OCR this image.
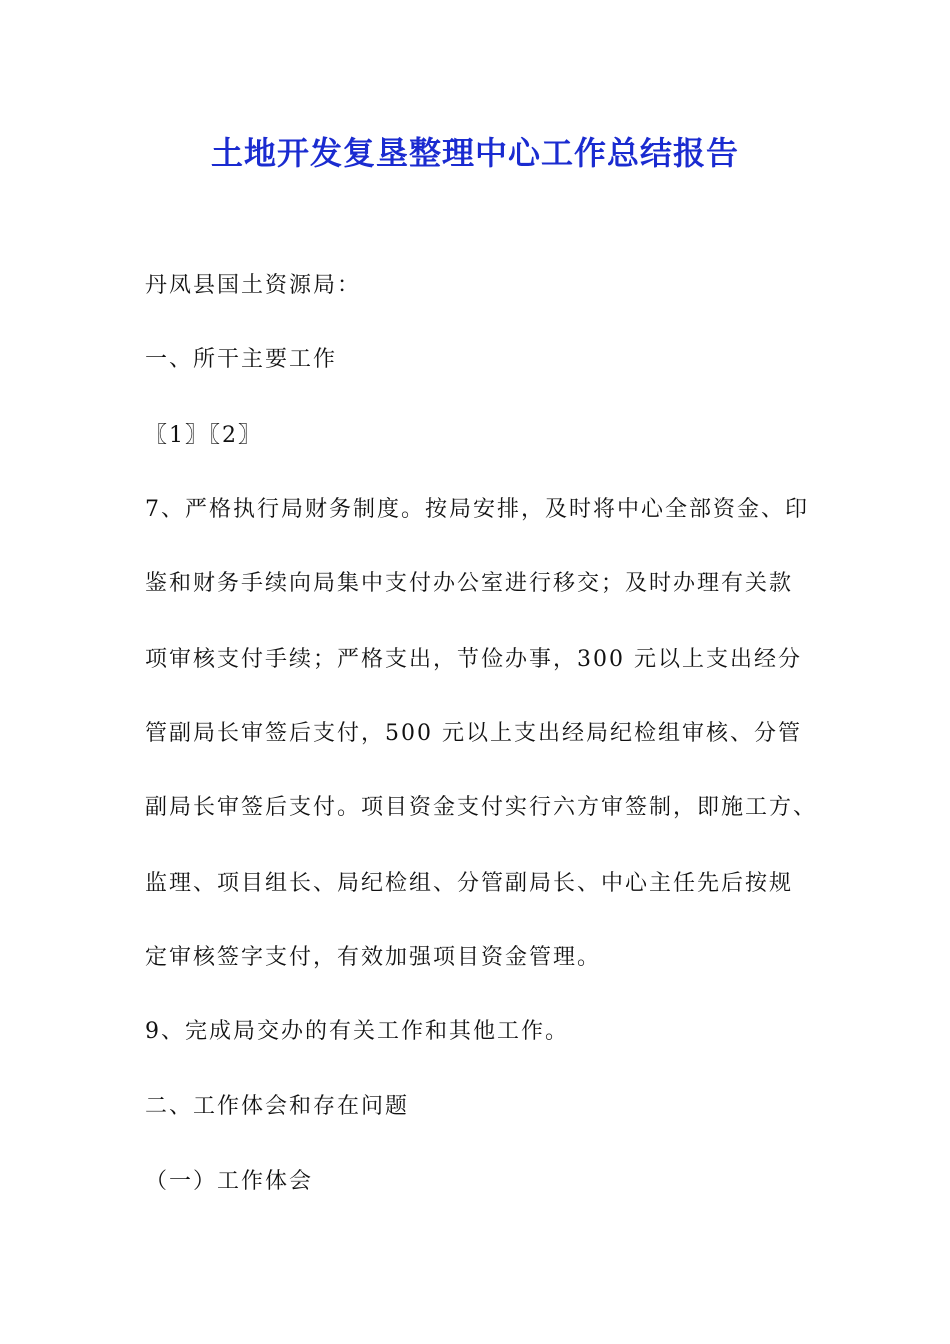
土地开发复垦整理中心工作总结报告

丹凤县国土资源局：

一、所干主要工作

〖1〗〖2〗

7、严格执行局财务制度。按局安排，及时将中心全部资金、印

鉴和财务手续向局集中支付办公室进行移交；及时办理有关款

项审核支付手续；严格支出，节俭办事，300 元以上支出经分

管副局长审签后支付，500 元以上支出经局纪检组审核、分管

副局长审签后支付。项目资金支付实行六方审签制，即施工方、

监理、项目组长、局纪检组、分管副局长、中心主任先后按规

定审核签字支付，有效加强项目资金管理。

9、完成局交办的有关工作和其他工作。

二、工作体会和存在问题

（一）工作体会
